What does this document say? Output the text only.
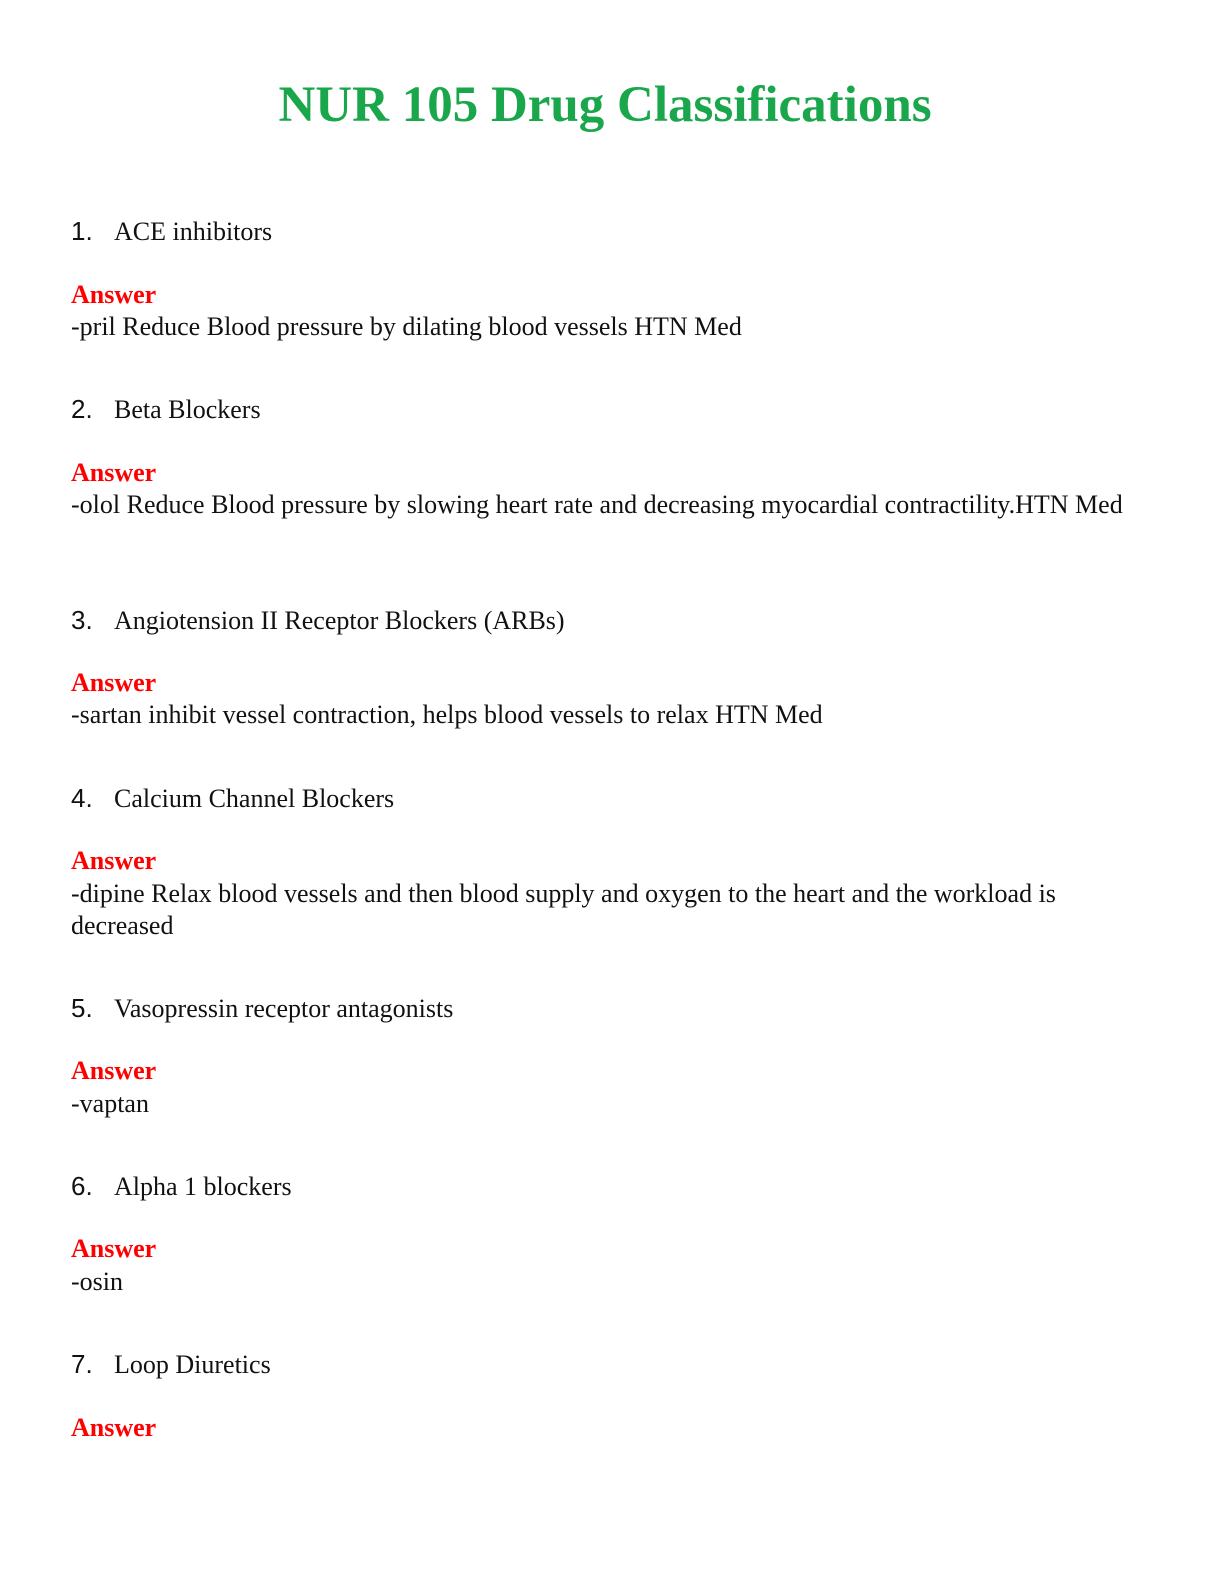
NUR 105 Drug Classifications

1. ACE inhibitors

Answer

-pril Reduce Blood pressure by dilating blood vessels HTN Med

2. Beta Blockers

Answer

-olol Reduce Blood pressure by slowing heart rate and decreasing myocardial contractility.HTN Med

3. Angiotension II Receptor Blockers (ARBs)

Answer

-sartan inhibit vessel contraction, helps blood vessels to relax HTN Med

4. Calcium Channel Blockers

Answer

-dipine Relax blood vessels and then blood supply and oxygen to the heart and the workload is decreased

5. Vasopressin receptor antagonists

Answer

-vaptan

6. Alpha 1 blockers

Answer

-osin

7. Loop Diuretics

Answer
